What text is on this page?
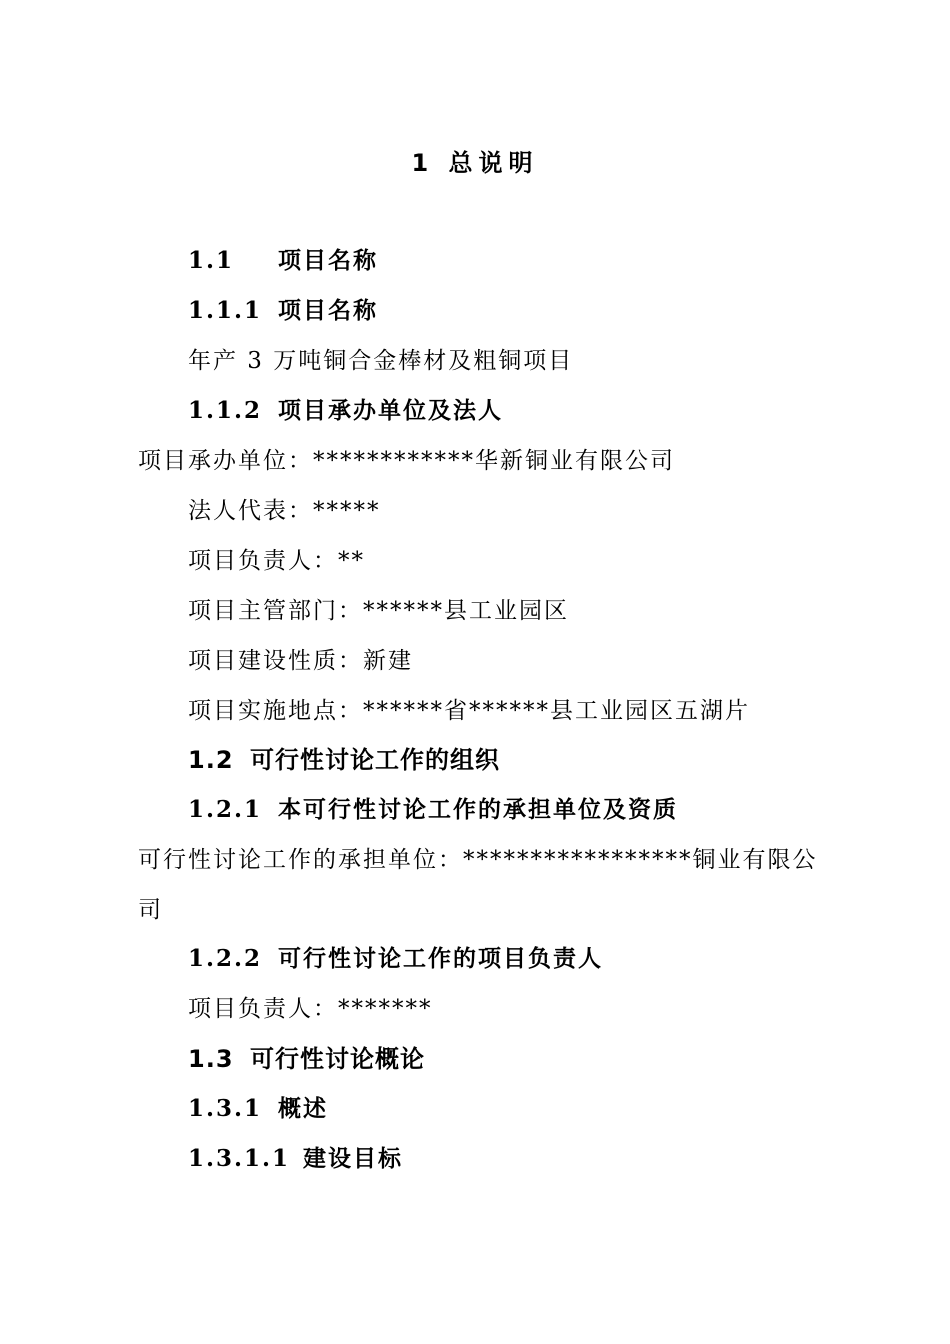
1 总说明
1.1 项目名称
1.1.1 项目名称
年产 3 万吨铜合金棒材及粗铜项目
1.1.2 项目承办单位及法人
项目承办单位：************华新铜业有限公司
法人代表：*****
项目负责人：**
项目主管部门：******县工业园区
项目建设性质：新建
项目实施地点：******省******县工业园区五湖片
1.2 可行性讨论工作的组织
1.2.1 本可行性讨论工作的承担单位及资质
可行性讨论工作的承担单位：*****************铜业有限公
司
1.2.2 可行性讨论工作的项目负责人
项目负责人：*******
1.3 可行性讨论概论
1.3.1 概述
1.3.1.1 建设目标
